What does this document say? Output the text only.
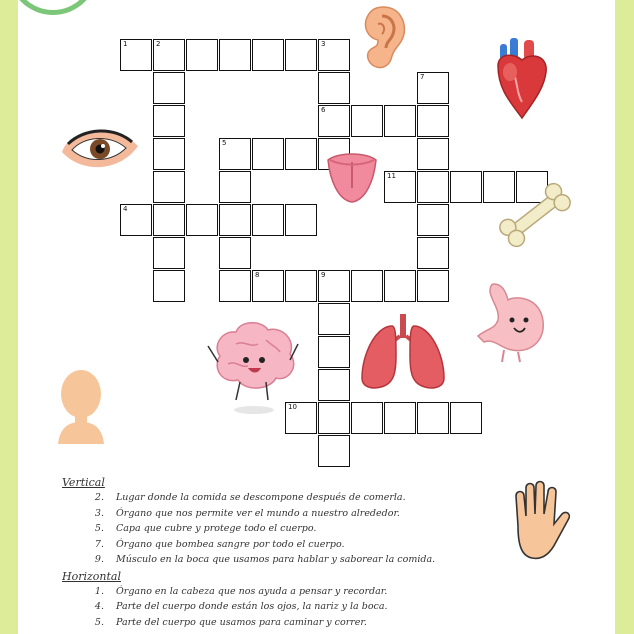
1	2	3
6
7
5
11
4
8	9
10
Vertical
2. Lugar donde la comida se descompone después de comerla.
3. Órgano que nos permite ver el mundo a nuestro alrededor.
5. Capa que cubre y protege todo el cuerpo.
7. Órgano que bombea sangre por todo el cuerpo.
9. Músculo en la boca que usamos para hablar y saborear la comida.
Horizontal
1. Órgano en la cabeza que nos ayuda a pensar y recordar.
4. Parte del cuerpo donde están los ojos, la nariz y la boca.
5. Parte del cuerpo que usamos para caminar y correr.
